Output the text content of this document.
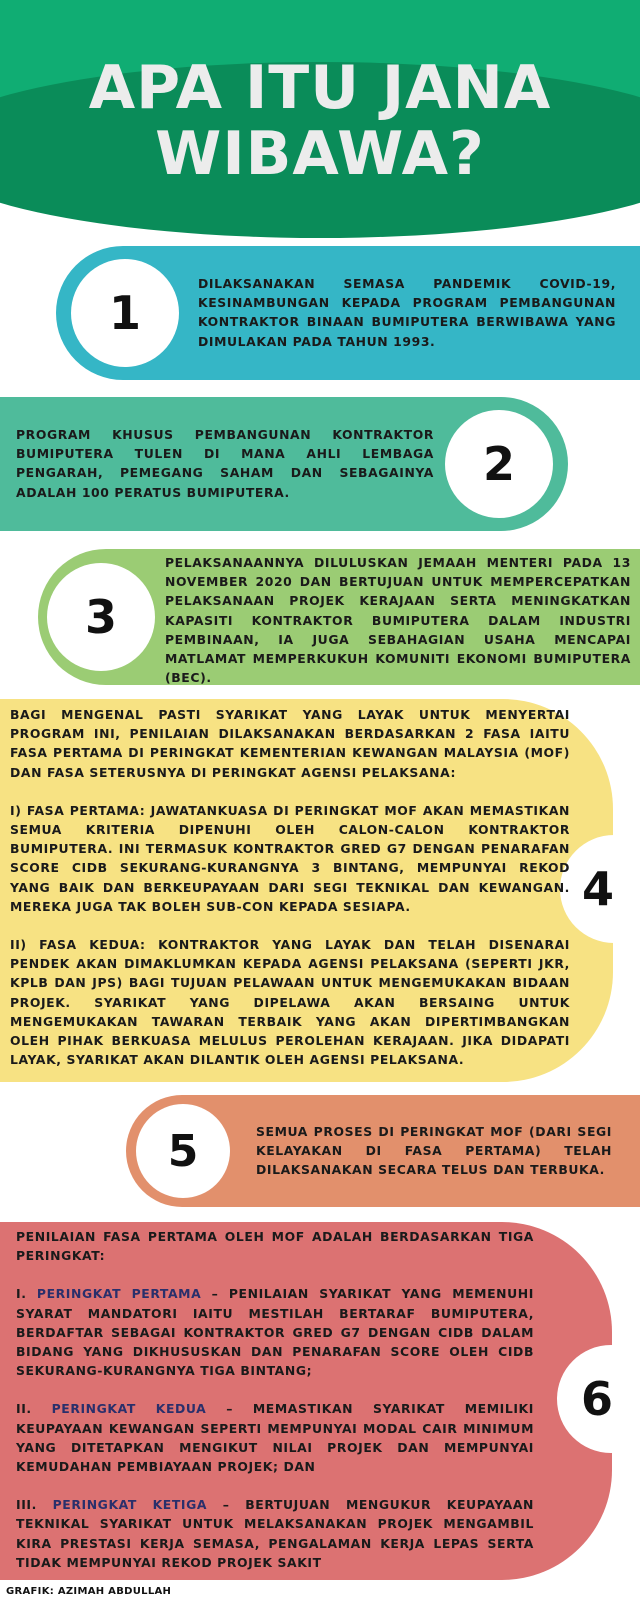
APA ITU JANA
WIBAWA?
1

DILAKSANAKAN SEMASA PANDEMIK COVID-19, KESINAMBUNGAN KEPADA PROGRAM PEMBANGUNAN KONTRAKTOR BINAAN BUMIPUTERA BERWIBAWA YANG DIMULAKAN PADA TAHUN 1993.

2

PROGRAM KHUSUS PEMBANGUNAN KONTRAKTOR BUMIPUTERA TULEN DI MANA AHLI LEMBAGA PENGARAH, PEMEGANG SAHAM DAN SEBAGAINYA ADALAH 100 PERATUS BUMIPUTERA.

3

PELAKSANAANNYA DILULUSKAN JEMAAH MENTERI PADA 13 NOVEMBER 2020 DAN BERTUJUAN UNTUK MEMPERCEPATKAN PELAKSANAAN PROJEK KERAJAAN SERTA MENINGKATKAN KAPASITI KONTRAKTOR BUMIPUTERA DALAM INDUSTRI PEMBINAAN, IA JUGA SEBAHAGIAN USAHA MENCAPAI MATLAMAT MEMPERKUKUH KOMUNITI EKONOMI BUMIPUTERA (BEC).

4

BAGI MENGENAL PASTI SYARIKAT YANG LAYAK UNTUK MENYERTAI PROGRAM INI, PENILAIAN DILAKSANAKAN BERDASARKAN 2 FASA IAITU FASA PERTAMA DI PERINGKAT KEMENTERIAN KEWANGAN MALAYSIA (MOF) DAN FASA SETERUSNYA DI PERINGKAT AGENSI PELAKSANA:

I) FASA PERTAMA: JAWATANKUASA DI PERINGKAT MOF AKAN MEMASTIKAN SEMUA KRITERIA DIPENUHI OLEH CALON-CALON KONTRAKTOR BUMIPUTERA. INI TERMASUK KONTRAKTOR GRED G7 DENGAN PENARAFAN SCORE CIDB SEKURANG-KURANGNYA 3 BINTANG, MEMPUNYAI REKOD YANG BAIK DAN BERKEUPAYAAN DARI SEGI TEKNIKAL DAN KEWANGAN. MEREKA JUGA TAK BOLEH SUB-CON KEPADA SESIAPA.

II) FASA KEDUA: KONTRAKTOR YANG LAYAK DAN TELAH DISENARAI PENDEK AKAN DIMAKLUMKAN KEPADA AGENSI PELAKSANA (SEPERTI JKR, KPLB DAN JPS) BAGI TUJUAN PELAWAAN UNTUK MENGEMUKAKAN BIDAAN PROJEK. SYARIKAT YANG DIPELAWA AKAN BERSAING UNTUK MENGEMUKAKAN TAWARAN TERBAIK YANG AKAN DIPERTIMBANGKAN OLEH PIHAK BERKUASA MELULUS PEROLEHAN KERAJAAN. JIKA DIDAPATI LAYAK, SYARIKAT AKAN DILANTIK OLEH AGENSI PELAKSANA.

5	SEMUA PROSES DI PERINGKAT MOF (DARI SEGI KELAYAKAN DI FASA PERTAMA) TELAH DILAKSANAKAN SECARA TELUS DAN TERBUKA.

6

PENILAIAN FASA PERTAMA OLEH MOF ADALAH BERDASARKAN TIGA PERINGKAT:

I. PERINGKAT PERTAMA – PENILAIAN SYARIKAT YANG MEMENUHI SYARAT MANDATORI IAITU MESTILAH BERTARAF BUMIPUTERA, BERDAFTAR SEBAGAI KONTRAKTOR GRED G7 DENGAN CIDB DALAM BIDANG YANG DIKHUSUSKAN DAN PENARAFAN SCORE OLEH CIDB SEKURANG-KURANGNYA TIGA BINTANG;

II. PERINGKAT KEDUA – MEMASTIKAN SYARIKAT MEMILIKI KEUPAYAAN KEWANGAN SEPERTI MEMPUNYAI MODAL CAIR MINIMUM YANG DITETAPKAN MENGIKUT NILAI PROJEK DAN MEMPUNYAI KEMUDAHAN PEMBIAYAAN PROJEK; DAN

III. PERINGKAT KETIGA – BERTUJUAN MENGUKUR KEUPAYAAN TEKNIKAL SYARIKAT UNTUK MELAKSANAKAN PROJEK MENGAMBIL KIRA PRESTASI KERJA SEMASA, PENGALAMAN KERJA LEPAS SERTA TIDAK MEMPUNYAI REKOD PROJEK SAKIT

GRAFIK: AZIMAH ABDULLAH
